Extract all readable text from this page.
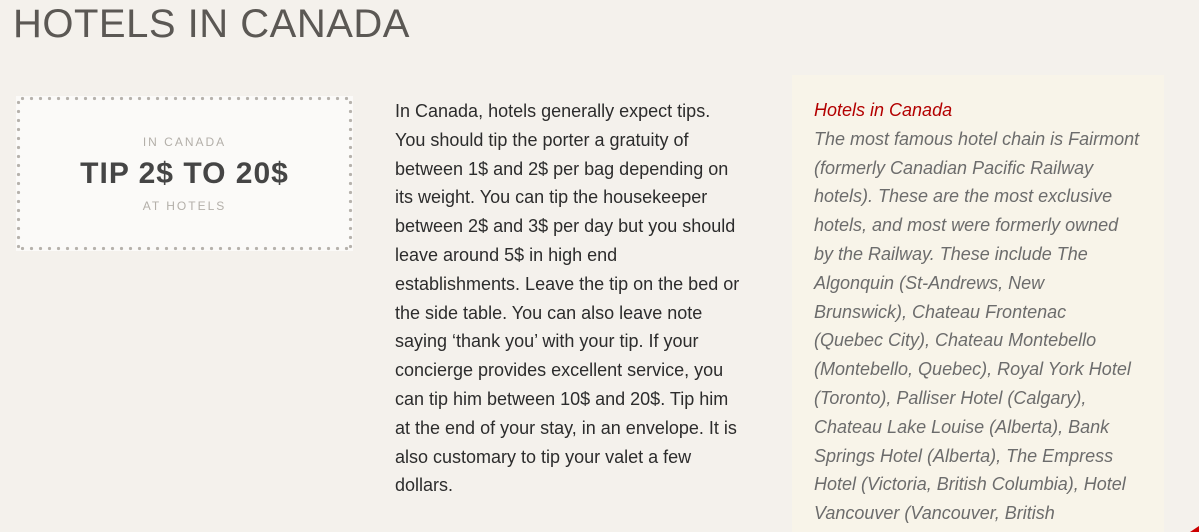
HOTELS IN CANADA
IN CANADA
TIP 2$ TO 20$
AT HOTELS
In Canada, hotels generally expect tips. You should tip the porter a gratuity of between 1$ and 2$ per bag depending on its weight. You can tip the housekeeper between 2$ and 3$ per day but you should leave around 5$ in high end establishments. Leave the tip on the bed or the side table. You can also leave note saying ‘thank you’ with your tip. If your concierge provides excellent service, you can tip him between 10$ and 20$. Tip him at the end of your stay, in an envelope. It is also customary to tip your valet a few dollars.
Hotels in Canada
The most famous hotel chain is Fairmont (formerly Canadian Pacific Railway hotels). These are the most exclusive hotels, and most were formerly owned by the Railway. These include The Algonquin (St-Andrews, New Brunswick), Chateau Frontenac (Quebec City), Chateau Montebello (Montebello, Quebec), Royal York Hotel (Toronto), Palliser Hotel (Calgary), Chateau Lake Louise (Alberta), Bank Springs Hotel (Alberta), The Empress Hotel (Victoria, British Columbia), Hotel Vancouver (Vancouver, British
